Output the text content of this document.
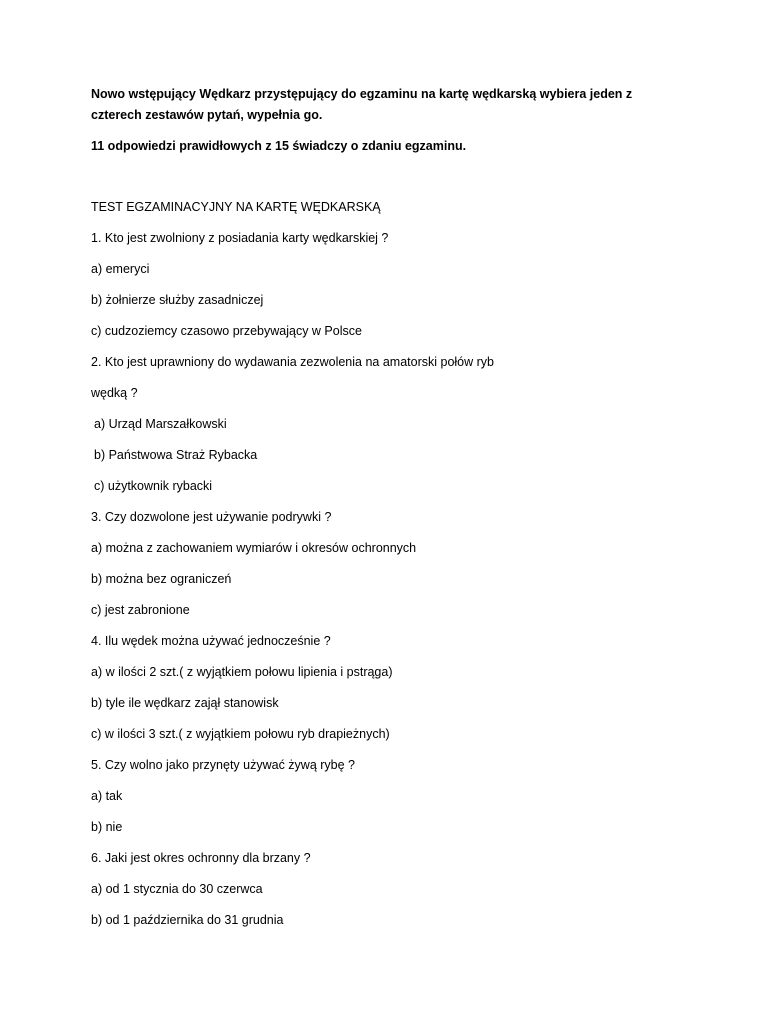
Nowo wstępujący Wędkarz przystępujący do egzaminu na kartę wędkarską wybiera jeden z

czterech zestawów pytań, wypełnia go.

11 odpowiedzi prawidłowych z 15 świadczy o zdaniu egzaminu.

TEST EGZAMINACYJNY NA KARTĘ WĘDKARSKĄ

1. Kto jest zwolniony z posiadania karty wędkarskiej ?

a) emeryci

b) żołnierze służby zasadniczej

c) cudzoziemcy czasowo przebywający w Polsce

2. Kto jest uprawniony do wydawania zezwolenia na amatorski połów ryb

wędką ?

a) Urząd Marszałkowski

b) Państwowa Straż Rybacka

c) użytkownik rybacki

3. Czy dozwolone jest używanie podrywki ?

a) można z zachowaniem wymiarów i okresów ochronnych

b) można bez ograniczeń

c) jest zabronione

4. Ilu wędek można używać jednocześnie ?

a) w ilości 2 szt.( z wyjątkiem połowu lipienia i pstrąga)

b) tyle ile wędkarz zajął stanowisk

c) w ilości 3 szt.( z wyjątkiem połowu ryb drapieżnych)

5. Czy wolno jako przynęty używać żywą rybę ?

a) tak

b) nie

6. Jaki jest okres ochronny dla brzany ?

a) od 1 stycznia do 30 czerwca

b) od 1 października do 31 grudnia
